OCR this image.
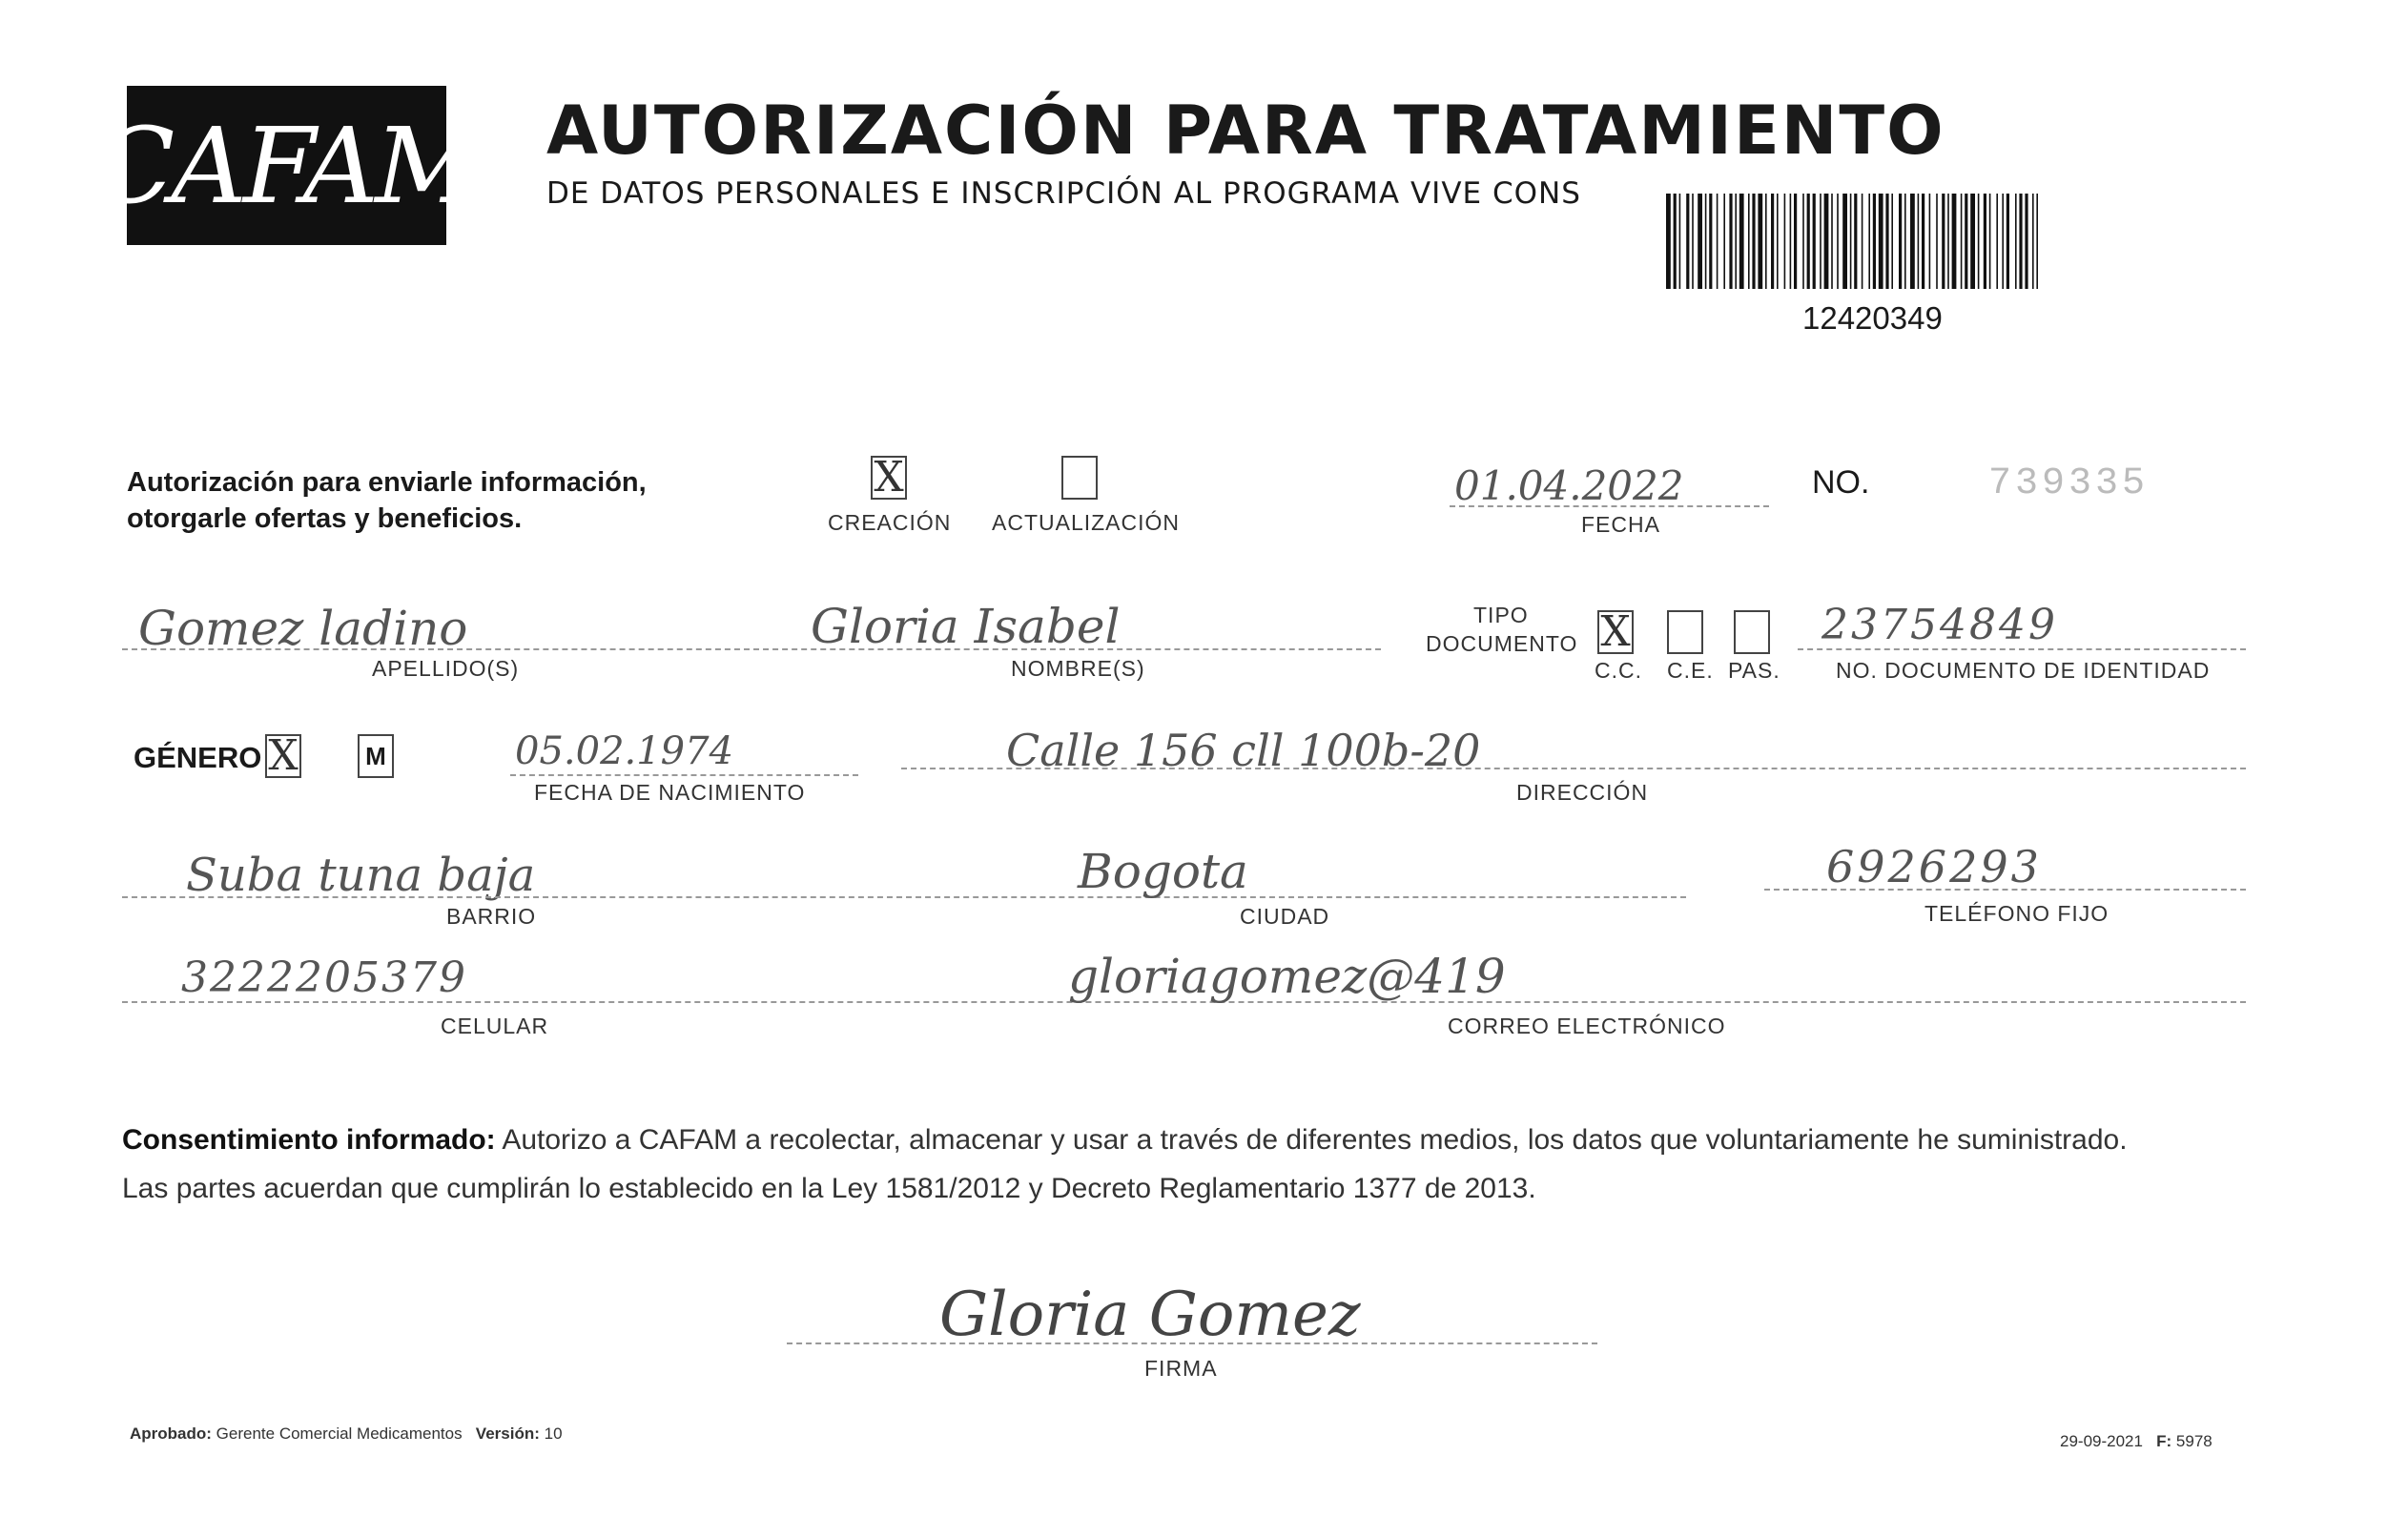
CAFAM AUTORIZACIÓN PARA TRATAMIENTO
DE DATOS PERSONALES E INSCRIPCIÓN AL PROGRAMA VIVE CONS
12420349
Autorización para enviarle información,
otorgarle ofertas y beneficios.
X
CREACIÓN ACTUALIZACIÓN
01.04.2022
FECHA
NO.	739335
Gomez ladino	Gloria Isabel
APELLIDO(S)	NOMBRE(S)
TIPO
DOCUMENTO X
C.C. C.E. PAS.
23754849
NO. DOCUMENTO DE IDENTIDAD
GÉNERO X	M	05.02.1974
FECHA DE NACIMIENTO
Calle 156 cll 100b-20
DIRECCIÓN
Suba tuna baja
BARRIO
Bogota
CIUDAD
6926293
TELÉFONO FIJO
3222205379
CELULAR
gloriagomez@419
CORREO ELECTRÓNICO
Consentimiento informado: Autorizo a CAFAM a recolectar, almacenar y usar a través de diferentes medios, los datos que voluntariamente he suministrado.
Las partes acuerdan que cumplirán lo establecido en la Ley 1581/2012 y Decreto Reglamentario 1377 de 2013.
Gloria Gomez
FIRMA
Aprobado: Gerente Comercial Medicamentos Versión: 10	29-09-2021 F: 5978
